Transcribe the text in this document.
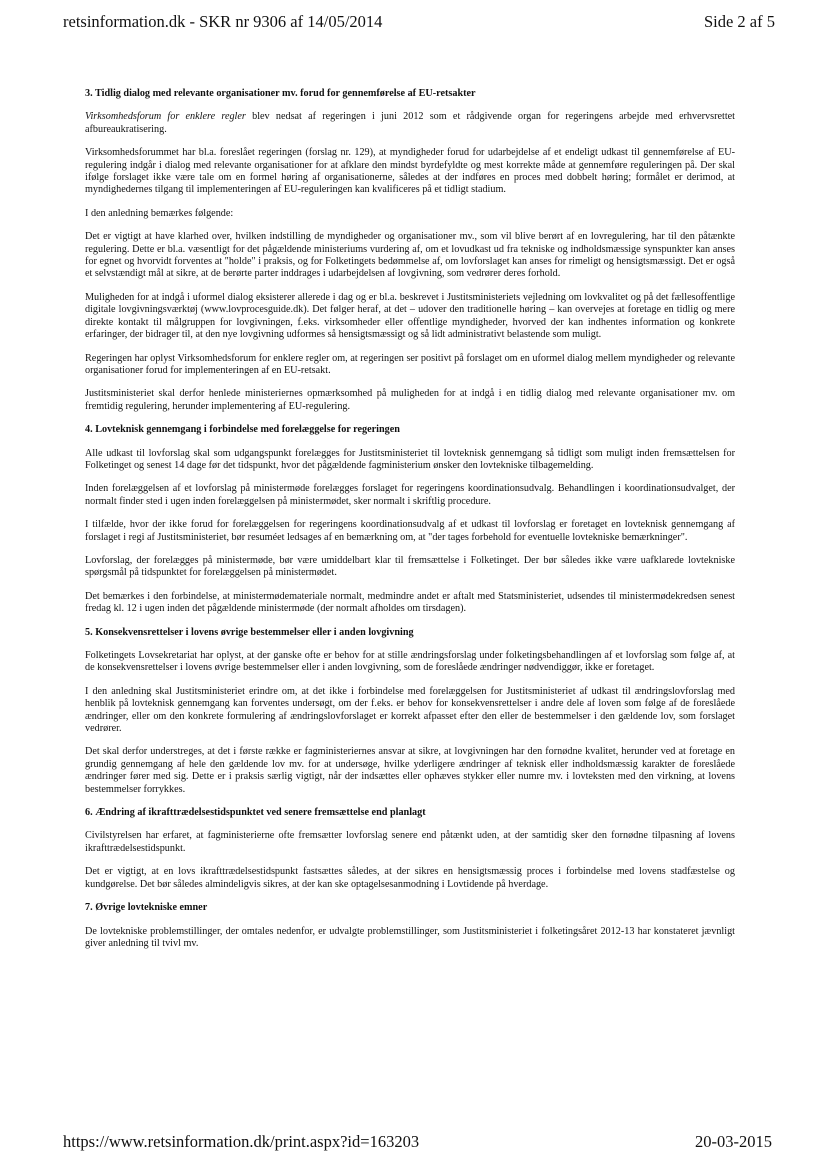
retsinformation.dk - SKR nr 9306 af 14/05/2014	Side 2 af 5
3. Tidlig dialog med relevante organisationer mv. forud for gennemførelse af EU-retsakter

Virksomhedsforum for enklere regler blev nedsat af regeringen i juni 2012 som et rådgivende organ for regeringens arbejde med erhvervsrettet afbureaukratisering.

Virksomhedsforummet har bl.a. foreslået regeringen (forslag nr. 129), at myndigheder forud for udarbejdelse af et endeligt udkast til gennemførelse af EU-regulering indgår i dialog med relevante organisationer for at afklare den mindst byrdefyldte og mest korrekte måde at gennemføre reguleringen på. Der skal ifølge forslaget ikke være tale om en formel høring af organisationerne, således at der indføres en proces med dobbelt høring; formålet er derimod, at myndighedernes tilgang til implementeringen af EU-reguleringen kan kvalificeres på et tidligt stadium.

I den anledning bemærkes følgende:

Det er vigtigt at have klarhed over, hvilken indstilling de myndigheder og organisationer mv., som vil blive berørt af en lovregulering, har til den påtænkte regulering. Dette er bl.a. væsentligt for det pågældende ministeriums vurdering af, om et lovudkast ud fra tekniske og indholdsmæssige synspunkter kan anses for egnet og hvorvidt forventes at "holde" i praksis, og for Folketingets bedømmelse af, om lovforslaget kan anses for rimeligt og hensigtsmæssigt. Det er også et selvstændigt mål at sikre, at de berørte parter inddrages i udarbejdelsen af lovgivning, som vedrører deres forhold.

Muligheden for at indgå i uformel dialog eksisterer allerede i dag og er bl.a. beskrevet i Justitsministeriets vejledning om lovkvalitet og på det fællesoffentlige digitale lovgivningsværktøj (www.lovprocesguide.dk). Det følger heraf, at det – udover den traditionelle høring – kan overvejes at foretage en tidlig og mere direkte kontakt til målgruppen for lovgivningen, f.eks. virksomheder eller offentlige myndigheder, hvorved der kan indhentes information og konkrete erfaringer, der bidrager til, at den nye lovgivning udformes så hensigtsmæssigt og så lidt administrativt belastende som muligt.

Regeringen har oplyst Virksomhedsforum for enklere regler om, at regeringen ser positivt på forslaget om en uformel dialog mellem myndigheder og relevante organisationer forud for implementeringen af en EU-retsakt.

Justitsministeriet skal derfor henlede ministeriernes opmærksomhed på muligheden for at indgå i en tidlig dialog med relevante organisationer mv. om fremtidig regulering, herunder implementering af EU-regulering.

4. Lovteknisk gennemgang i forbindelse med forelæggelse for regeringen

Alle udkast til lovforslag skal som udgangspunkt forelægges for Justitsministeriet til lovteknisk gennemgang så tidligt som muligt inden fremsættelsen for Folketinget og senest 14 dage før det tidspunkt, hvor det pågældende fagministerium ønsker den lovtekniske tilbagemelding.

Inden forelæggelsen af et lovforslag på ministermøde forelægges forslaget for regeringens koordinationsudvalg. Behandlingen i koordinationsudvalget, der normalt finder sted i ugen inden forelæggelsen på ministermødet, sker normalt i skriftlig procedure.

I tilfælde, hvor der ikke forud for forelæggelsen for regeringens koordinationsudvalg af et udkast til lovforslag er foretaget en lovteknisk gennemgang af forslaget i regi af Justitsministeriet, bør resuméet ledsages af en bemærkning om, at "der tages forbehold for eventuelle lovtekniske bemærkninger".

Lovforslag, der forelægges på ministermøde, bør være umiddelbart klar til fremsættelse i Folketinget. Der bør således ikke være uafklarede lovtekniske spørgsmål på tidspunktet for forelæggelsen på ministermødet.

Det bemærkes i den forbindelse, at ministermødemateriale normalt, medmindre andet er aftalt med Statsministeriet, udsendes til ministermødekredsen senest fredag kl. 12 i ugen inden det pågældende ministermøde (der normalt afholdes om tirsdagen).

5. Konsekvensrettelser i lovens øvrige bestemmelser eller i anden lovgivning

Folketingets Lovsekretariat har oplyst, at der ganske ofte er behov for at stille ændringsforslag under folketingsbehandlingen af et lovforslag som følge af, at de konsekvensrettelser i lovens øvrige bestemmelser eller i anden lovgivning, som de foreslåede ændringer nødvendiggør, ikke er foretaget.

I den anledning skal Justitsministeriet erindre om, at det ikke i forbindelse med forelæggelsen for Justitsministeriet af udkast til ændringslovforslag med henblik på lovteknisk gennemgang kan forventes undersøgt, om der f.eks. er behov for konsekvensrettelser i andre dele af loven som følge af de foreslåede ændringer, eller om den konkrete formulering af ændringslovforslaget er korrekt afpasset efter den eller de bestemmelser i den gældende lov, som forslaget vedrører.

Det skal derfor understreges, at det i første række er fagministeriernes ansvar at sikre, at lovgivningen har den fornødne kvalitet, herunder ved at foretage en grundig gennemgang af hele den gældende lov mv. for at undersøge, hvilke yderligere ændringer af teknisk eller indholdsmæssig karakter de foreslåede ændringer fører med sig. Dette er i praksis særlig vigtigt, når der indsættes eller ophæves stykker eller numre mv. i lovteksten med den virkning, at lovens bestemmelser forrykkes.

6. Ændring af ikrafttrædelsestidspunktet ved senere fremsættelse end planlagt

Civilstyrelsen har erfaret, at fagministerierne ofte fremsætter lovforslag senere end påtænkt uden, at der samtidig sker den fornødne tilpasning af lovens ikrafttrædelsestidspunkt.

Det er vigtigt, at en lovs ikrafttrædelsestidspunkt fastsættes således, at der sikres en hensigtsmæssig proces i forbindelse med lovens stadfæstelse og kundgørelse. Det bør således almindeligvis sikres, at der kan ske optagelsesanmodning i Lovtidende på hverdage.

7. Øvrige lovtekniske emner

De lovtekniske problemstillinger, der omtales nedenfor, er udvalgte problemstillinger, som Justitsministeriet i folketingsåret 2012-13 har konstateret jævnligt giver anledning til tvivl mv.

https://www.retsinformation.dk/print.aspx?id=163203	20-03-2015
